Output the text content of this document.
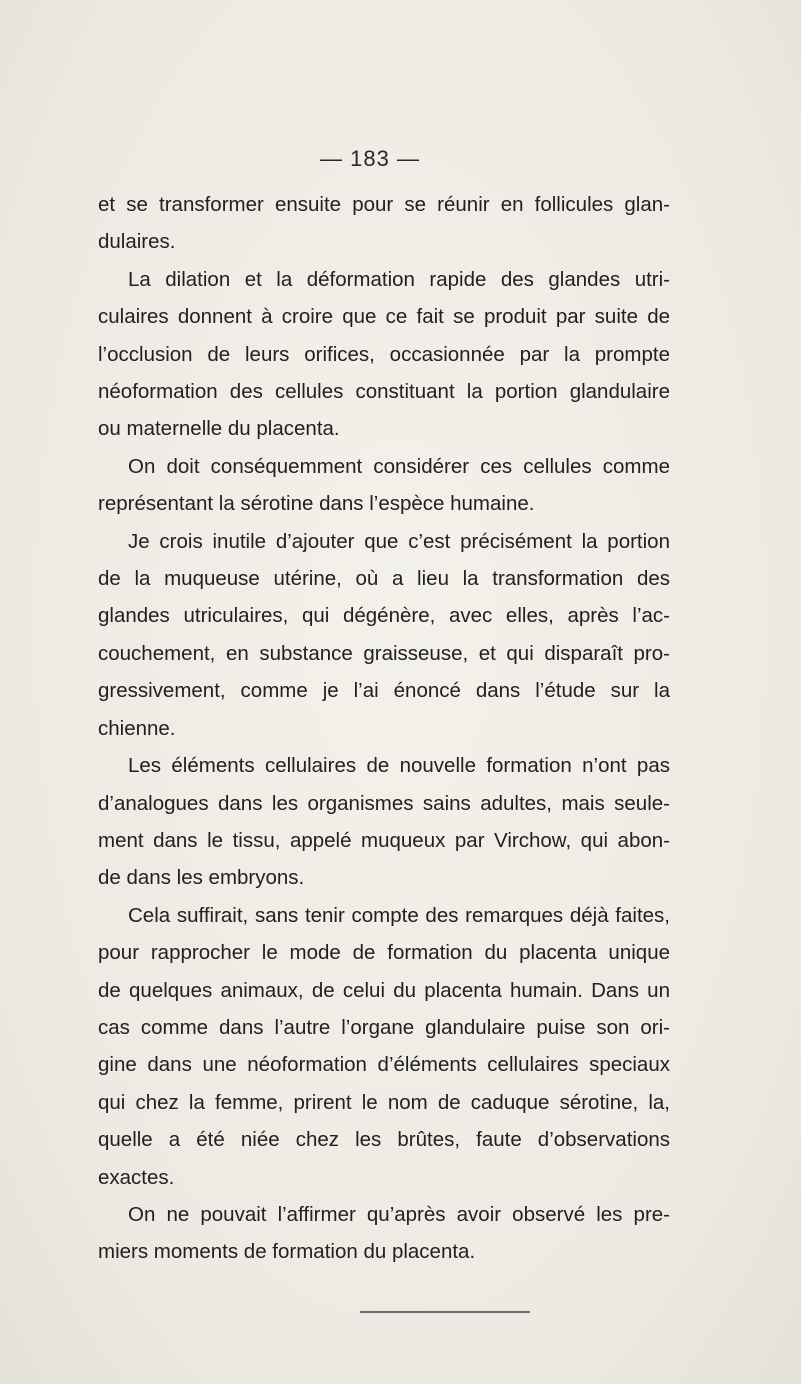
— 183 —
et se transformer ensuite pour se réunir en follicules glan-
dulaires.
La dilation et la déformation rapide des glandes utri-
culaires donnent à croire que ce fait se produit par suite de
l’occlusion de leurs orifices, occasionnée par la prompte
néoformation des cellules constituant la portion glandulaire
ou maternelle du placenta.
On doit conséquemment considérer ces cellules comme
représentant la sérotine dans l’espèce humaine.
Je crois inutile d’ajouter que c’est précisément la portion
de la muqueuse utérine, où a lieu la transformation des
glandes utriculaires, qui dégénère, avec elles, après l’ac-
couchement, en substance graisseuse, et qui disparaît pro-
gressivement, comme je l’ai énoncé dans l’étude sur la
chienne.
Les éléments cellulaires de nouvelle formation n’ont pas
d’analogues dans les organismes sains adultes, mais seule-
ment dans le tissu, appelé muqueux par Virchow, qui abon-
de dans les embryons.
Cela suffirait, sans tenir compte des remarques déjà faites,
pour rapprocher le mode de formation du placenta unique
de quelques animaux, de celui du placenta humain. Dans un
cas comme dans l’autre l’organe glandulaire puise son ori-
gine dans une néoformation d’éléments cellulaires speciaux
qui chez la femme, prirent le nom de caduque sérotine, la,
quelle a été niée chez les brûtes, faute d’observations
exactes.
On ne pouvait l’affirmer qu’après avoir observé les pre-
miers moments de formation du placenta.
